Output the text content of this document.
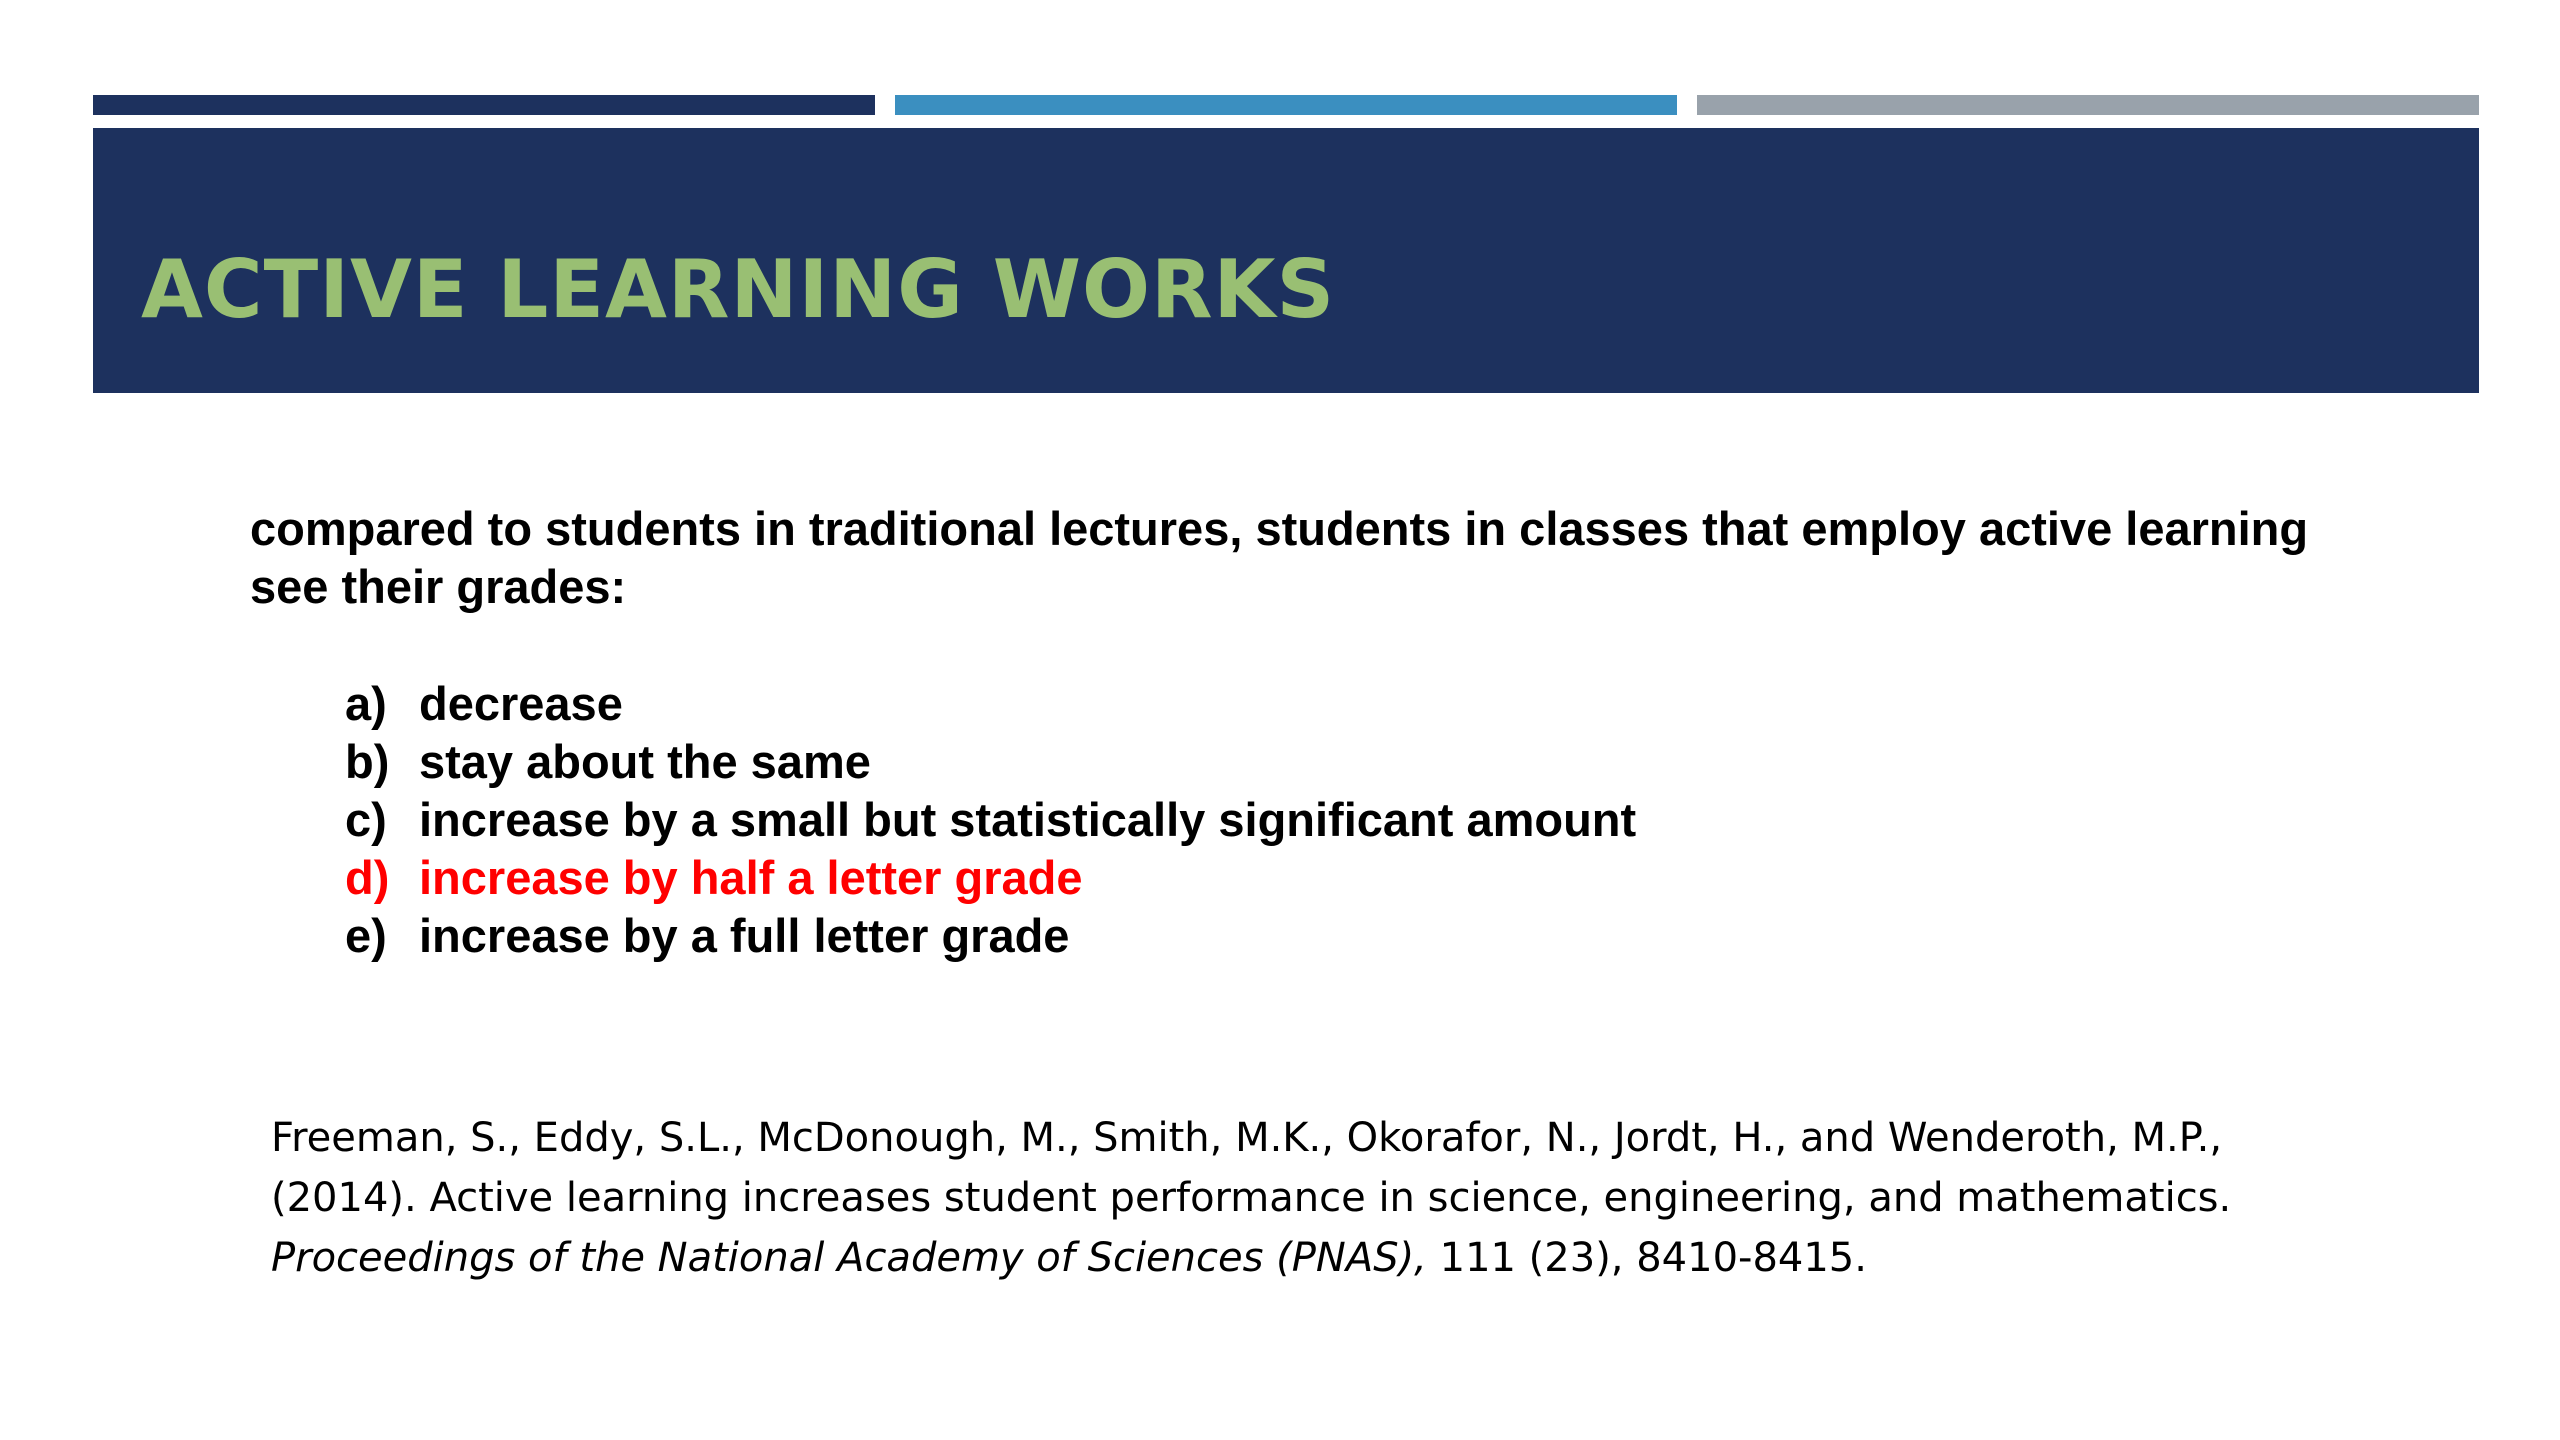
ACTIVE LEARNING WORKS

compared to students in traditional lectures, students in classes that employ active learning see their grades:

a) decrease
b) stay about the same
c) increase by a small but statistically significant amount
d) increase by half a letter grade
e) increase by a full letter grade

Freeman, S., Eddy, S.L., McDonough, M., Smith, M.K., Okorafor, N., Jordt, H., and Wenderoth, M.P.,
(2014). Active learning increases student performance in science, engineering, and mathematics.
Proceedings of the National Academy of Sciences (PNAS), 111 (23), 8410-8415.
